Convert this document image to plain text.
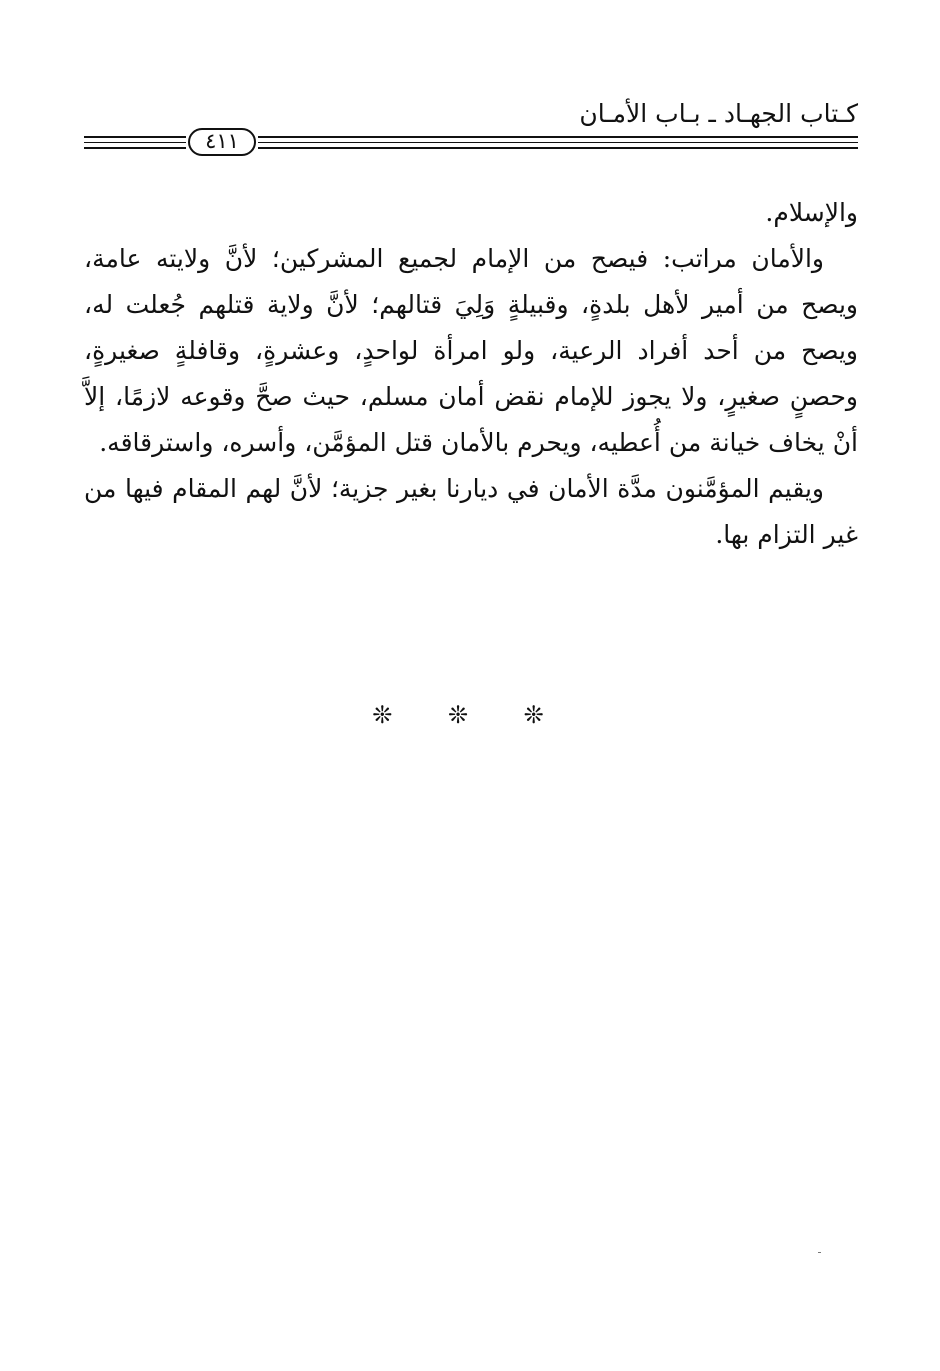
كـتاب الجهـاد ـ بـاب الأمـان
٤١١

والإسلام.

والأمان مراتب: فيصح من الإمام لجميع المشركين؛ لأنَّ ولايته عامة، ويصح من أمير لأهل بلدةٍ، وقبيلةٍ وَلِيَ قتالهم؛ لأنَّ ولاية قتلهم جُعلت له، ويصح من أحد أفراد الرعية، ولو امرأة لواحدٍ، وعشرةٍ، وقافلةٍ صغيرةٍ، وحصنٍ صغيرٍ، ولا يجوز للإمام نقض أمان مسلم، حيث صحَّ وقوعه لازمًا، إلاَّ أنْ يخاف خيانة من أُعطيه، ويحرم بالأمان قتل المؤمَّن، وأسره، واسترقاقه.

ويقيم المؤمَّنون مدَّة الأمان في ديارنا بغير جزية؛ لأنَّ لهم المقام فيها من غير التزام بها.

❊ ❊ ❊
